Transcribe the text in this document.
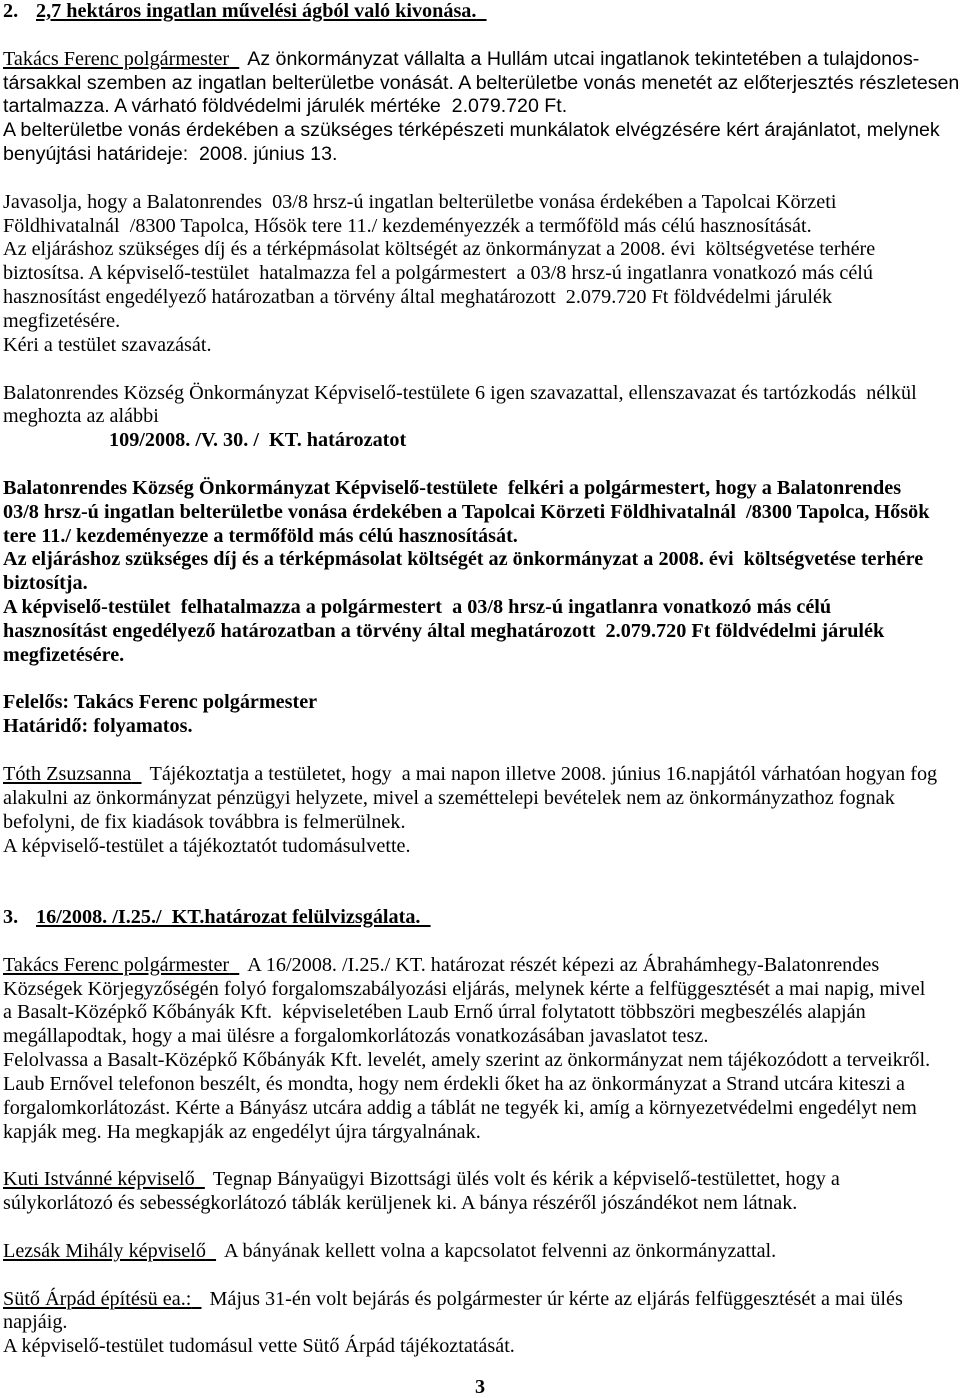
2. 2,7 hektáros ingatlan művelési ágból való kivonása.
Takács Ferenc polgármester Az önkormányzat vállalta a Hullám utcai ingatlanok tekintetében a tulajdonos-
társakkal szemben az ingatlan belterületbe vonását. A belterületbe vonás menetét az előterjesztés részletesen
tartalmazza. A várható földvédelmi járulék mértéke  2.079.720 Ft.
A belterületbe vonás érdekében a szükséges térképészeti munkálatok elvégzésére kért árajánlatot, melynek
benyújtási határideje:  2008. június 13.
Javasolja, hogy a Balatonrendes  03/8 hrsz-ú ingatlan belterületbe vonása érdekében a Tapolcai Körzeti
Földhivatalnál  /8300 Tapolca, Hősök tere 11./ kezdeményezzék a termőföld más célú hasznosítását.
Az eljáráshoz szükséges díj és a térképmásolat költségét az önkormányzat a 2008. évi  költségvetése terhére
biztosítsa. A képviselő-testület  hatalmazza fel a polgármestert  a 03/8 hrsz-ú ingatlanra vonatkozó más célú
hasznosítást engedélyező határozatban a törvény által meghatározott  2.079.720 Ft földvédelmi járulék
megfizetésére.
Kéri a testület szavazását.
Balatonrendes Község Önkormányzat Képviselő-testülete 6 igen szavazattal, ellenszavazat és tartózkodás  nélkül
meghozta az alábbi
109/2008. /V. 30. /  KT. határozatot
Balatonrendes Község Önkormányzat Képviselő-testülete  felkéri a polgármestert, hogy a Balatonrendes
03/8 hrsz-ú ingatlan belterületbe vonása érdekében a Tapolcai Körzeti Földhivatalnál  /8300 Tapolca, Hősök
tere 11./ kezdeményezze a termőföld más célú hasznosítását.
Az eljáráshoz szükséges díj és a térképmásolat költségét az önkormányzat a 2008. évi  költségvetése terhére
biztosítja.
A képviselő-testület  felhatalmazza a polgármestert  a 03/8 hrsz-ú ingatlanra vonatkozó más célú
hasznosítást engedélyező határozatban a törvény által meghatározott  2.079.720 Ft földvédelmi járulék
megfizetésére.
Felelős: Takács Ferenc polgármester
Határidő: folyamatos.
Tóth Zsuzsanna Tájékoztatja a testületet, hogy  a mai napon illetve 2008. június 16.napjától várhatóan hogyan fog
alakulni az önkormányzat pénzügyi helyzete, mivel a szeméttelepi bevételek nem az önkormányzathoz fognak
befolyni, de fix kiadások továbbra is felmerülnek.
A képviselő-testület a tájékoztatót tudomásulvette.
3. 16/2008. /I.25./  KT.határozat felülvizsgálata.
Takács Ferenc polgármester A 16/2008. /I.25./ KT. határozat részét képezi az Ábrahámhegy-Balatonrendes
Községek Körjegyzőségén folyó forgalomszabályozási eljárás, melynek kérte a felfüggesztését a mai napig, mivel
a Basalt-Középkő Kőbányák Kft.  képviseletében Laub Ernő úrral folytatott többszöri megbeszélés alapján
megállapodtak, hogy a mai ülésre a forgalomkorlátozás vonatkozásában javaslatot tesz.
Felolvassa a Basalt-Középkő Kőbányák Kft. levelét, amely szerint az önkormányzat nem tájékozódott a terveikről.
Laub Ernővel telefonon beszélt, és mondta, hogy nem érdekli őket ha az önkormányzat a Strand utcára kiteszi a
forgalomkorlátozást. Kérte a Bányász utcára addig a táblát ne tegyék ki, amíg a környezetvédelmi engedélyt nem
kapják meg. Ha megkapják az engedélyt újra tárgyalnának.
Kuti Istvánné képviselő Tegnap Bányaügyi Bizottsági ülés volt és kérik a képviselő-testülettet, hogy a
súlykorlátozó és sebességkorlátozó táblák kerüljenek ki. A bánya részéről jószándékot nem látnak.
Lezsák Mihály képviselő A bányának kellett volna a kapcsolatot felvenni az önkormányzattal.
Sütő Árpád építésü ea.: Május 31-én volt bejárás és polgármester úr kérte az eljárás felfüggesztését a mai ülés
napjáig.
A képviselő-testület tudomásul vette Sütő Árpád tájékoztatását.
3
